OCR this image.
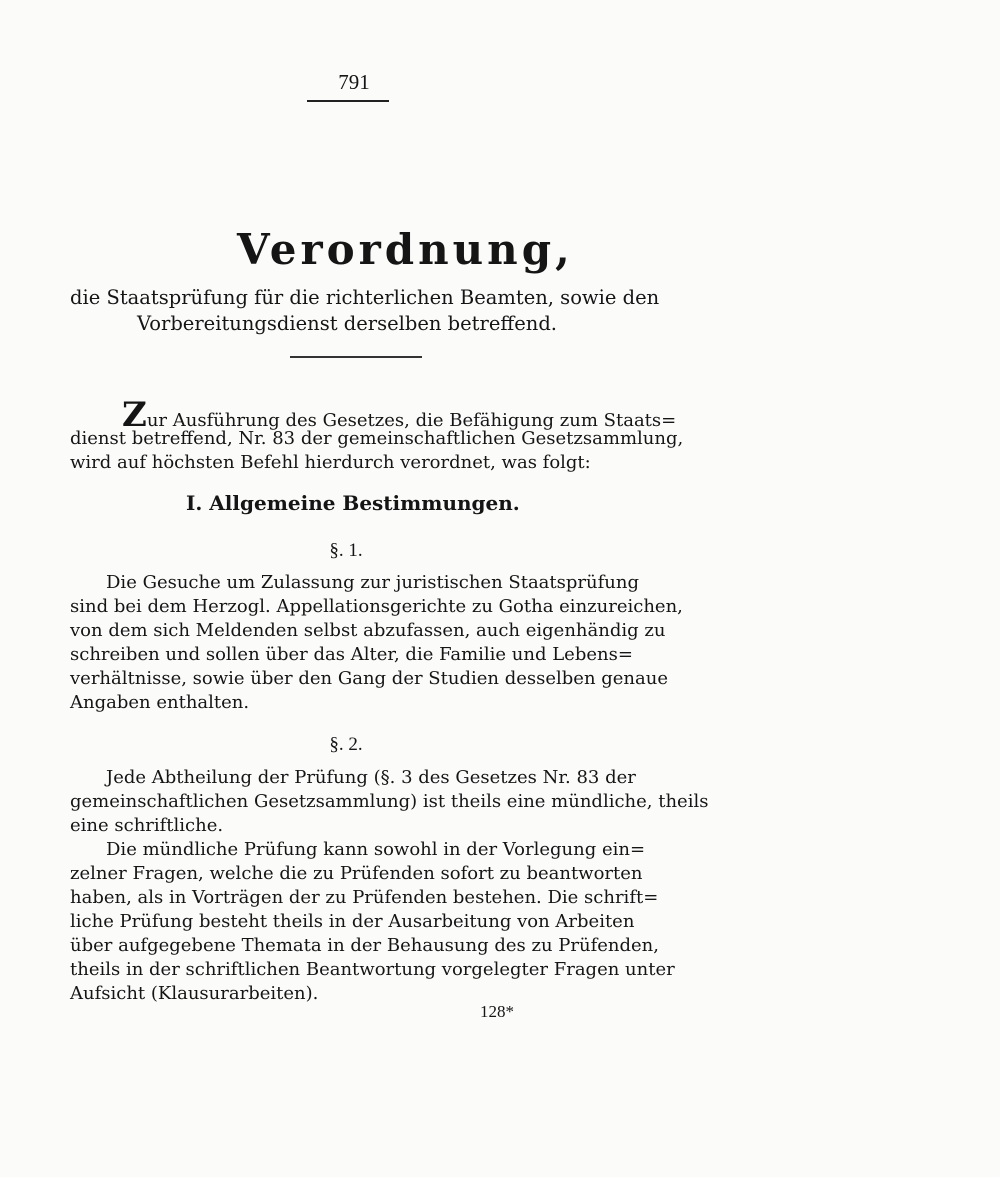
791
Verordnung,
die Staatsprüfung für die richterlichen Beamten, sowie den
Vorbereitungsdienst derselben betreffend.
Zur Ausführung des Gesetzes, die Befähigung zum Staats=
dienst betreffend, Nr. 83 der gemeinschaftlichen Gesetzsammlung,
wird auf höchsten Befehl hierdurch verordnet, was folgt:
I. Allgemeine Bestimmungen.
§. 1.
Die Gesuche um Zulassung zur juristischen Staatsprüfung
sind bei dem Herzogl. Appellationsgerichte zu Gotha einzureichen,
von dem sich Meldenden selbst abzufassen, auch eigenhändig zu
schreiben und sollen über das Alter, die Familie und Lebens=
verhältnisse, sowie über den Gang der Studien desselben genaue
Angaben enthalten.
§. 2.
Jede Abtheilung der Prüfung (§. 3 des Gesetzes Nr. 83 der
gemeinschaftlichen Gesetzsammlung) ist theils eine mündliche, theils
eine schriftliche.
Die mündliche Prüfung kann sowohl in der Vorlegung ein=
zelner Fragen, welche die zu Prüfenden sofort zu beantworten
haben, als in Vorträgen der zu Prüfenden bestehen. Die schrift=
liche Prüfung besteht theils in der Ausarbeitung von Arbeiten
über aufgegebene Themata in der Behausung des zu Prüfenden,
theils in der schriftlichen Beantwortung vorgelegter Fragen unter
Aufsicht (Klausurarbeiten).
128*
